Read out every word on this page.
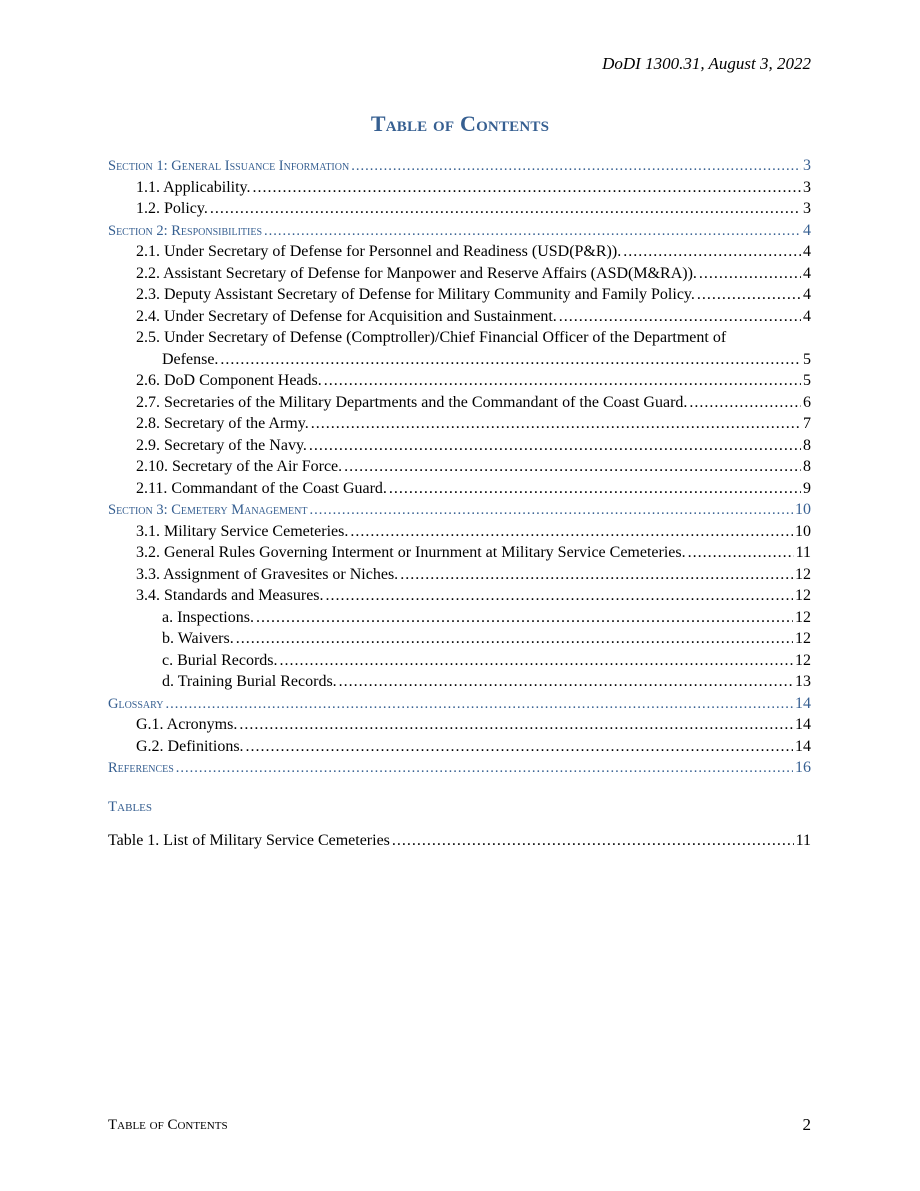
DoDI 1300.31, August 3, 2022
Table of Contents
Section 1: General Issuance Information .....	3
1.1. Applicability. .....	3
1.2. Policy. .....	3
Section 2: Responsibilities .....	4
2.1. Under Secretary of Defense for Personnel and Readiness (USD(P&R)). .....	4
2.2. Assistant Secretary of Defense for Manpower and Reserve Affairs (ASD(M&RA)). .....	4
2.3. Deputy Assistant Secretary of Defense for Military Community and Family Policy. .....	4
2.4. Under Secretary of Defense for Acquisition and Sustainment. .....	4
2.5. Under Secretary of Defense (Comptroller)/Chief Financial Officer of the Department of
Defense. .....	5
2.6. DoD Component Heads. .....	5
2.7. Secretaries of the Military Departments and the Commandant of the Coast Guard. .....	6
2.8. Secretary of the Army. .....	7
2.9. Secretary of the Navy. .....	8
2.10. Secretary of the Air Force. .....	8
2.11. Commandant of the Coast Guard. .....	9
Section 3: Cemetery Management .....	10
3.1. Military Service Cemeteries. .....	10
3.2. General Rules Governing Interment or Inurnment at Military Service Cemeteries. .....	11
3.3. Assignment of Gravesites or Niches. .....	12
3.4. Standards and Measures. .....	12
a. Inspections. .....	12
b. Waivers. .....	12
c. Burial Records. .....	12
d. Training Burial Records. .....	13
Glossary .....	14
G.1. Acronyms. .....	14
G.2. Definitions. .....	14
References .....	16
Tables
Table 1. List of Military Service Cemeteries .....	11
Table of Contents	2
